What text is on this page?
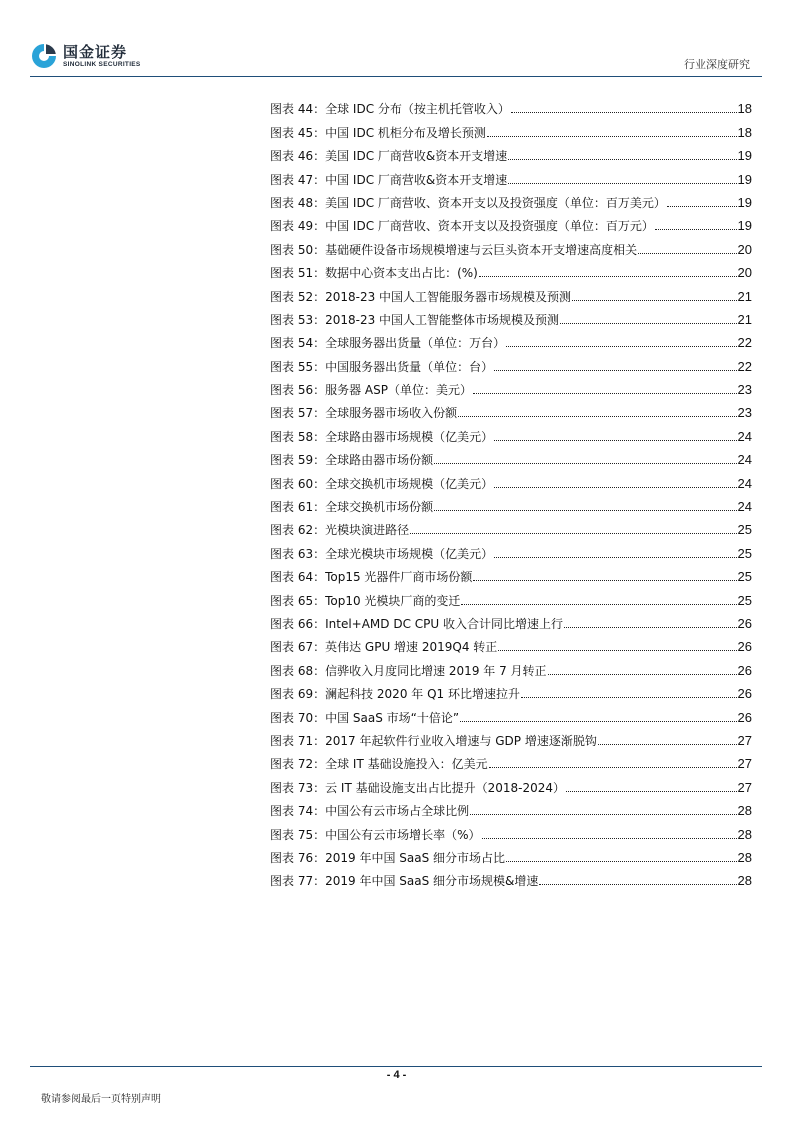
国金证券
SINOLINK SECURITIES	行业深度研究
图表 44： 全球 IDC 分布（按主机托管收入）	18
图表 45： 中国 IDC 机柜分布及增长预测	18
图表 46： 美国 IDC 厂商营收&资本开支增速	19
图表 47： 中国 IDC 厂商营收&资本开支增速	19
图表 48： 美国 IDC 厂商营收、资本开支以及投资强度（单位：百万美元）	19
图表 49： 中国 IDC 厂商营收、资本开支以及投资强度（单位：百万元）	19
图表 50： 基础硬件设备市场规模增速与云巨头资本开支增速高度相关	20
图表 51： 数据中心资本支出占比：(%)	20
图表 52： 2018-23 中国人工智能服务器市场规模及预测	21
图表 53： 2018-23 中国人工智能整体市场规模及预测	21
图表 54： 全球服务器出货量（单位：万台）	22
图表 55： 中国服务器出货量（单位：台）	22
图表 56： 服务器 ASP（单位：美元）	23
图表 57： 全球服务器市场收入份额	23
图表 58： 全球路由器市场规模（亿美元）	24
图表 59： 全球路由器市场份额	24
图表 60： 全球交换机市场规模（亿美元）	24
图表 61： 全球交换机市场份额	24
图表 62： 光模块演进路径	25
图表 63： 全球光模块市场规模（亿美元）	25
图表 64： Top15 光器件厂商市场份额	25
图表 65： Top10 光模块厂商的变迁	25
图表 66： Intel+AMD DC CPU 收入合计同比增速上行	26
图表 67： 英伟达 GPU 增速 2019Q4 转正	26
图表 68： 信骅收入月度同比增速 2019 年 7 月转正	26
图表 69： 澜起科技 2020 年 Q1 环比增速拉升	26
图表 70： 中国 SaaS 市场“十倍论”	26
图表 71： 2017 年起软件行业收入增速与 GDP 增速逐渐脱钩	27
图表 72： 全球 IT 基础设施投入：亿美元	27
图表 73： 云 IT 基础设施支出占比提升（2018-2024）	27
图表 74： 中国公有云市场占全球比例	28
图表 75： 中国公有云市场增长率（%）	28
图表 76： 2019 年中国 SaaS 细分市场占比	28
图表 77： 2019 年中国 SaaS 细分市场规模&增速	28
- 4 -
敬请参阅最后一页特别声明
